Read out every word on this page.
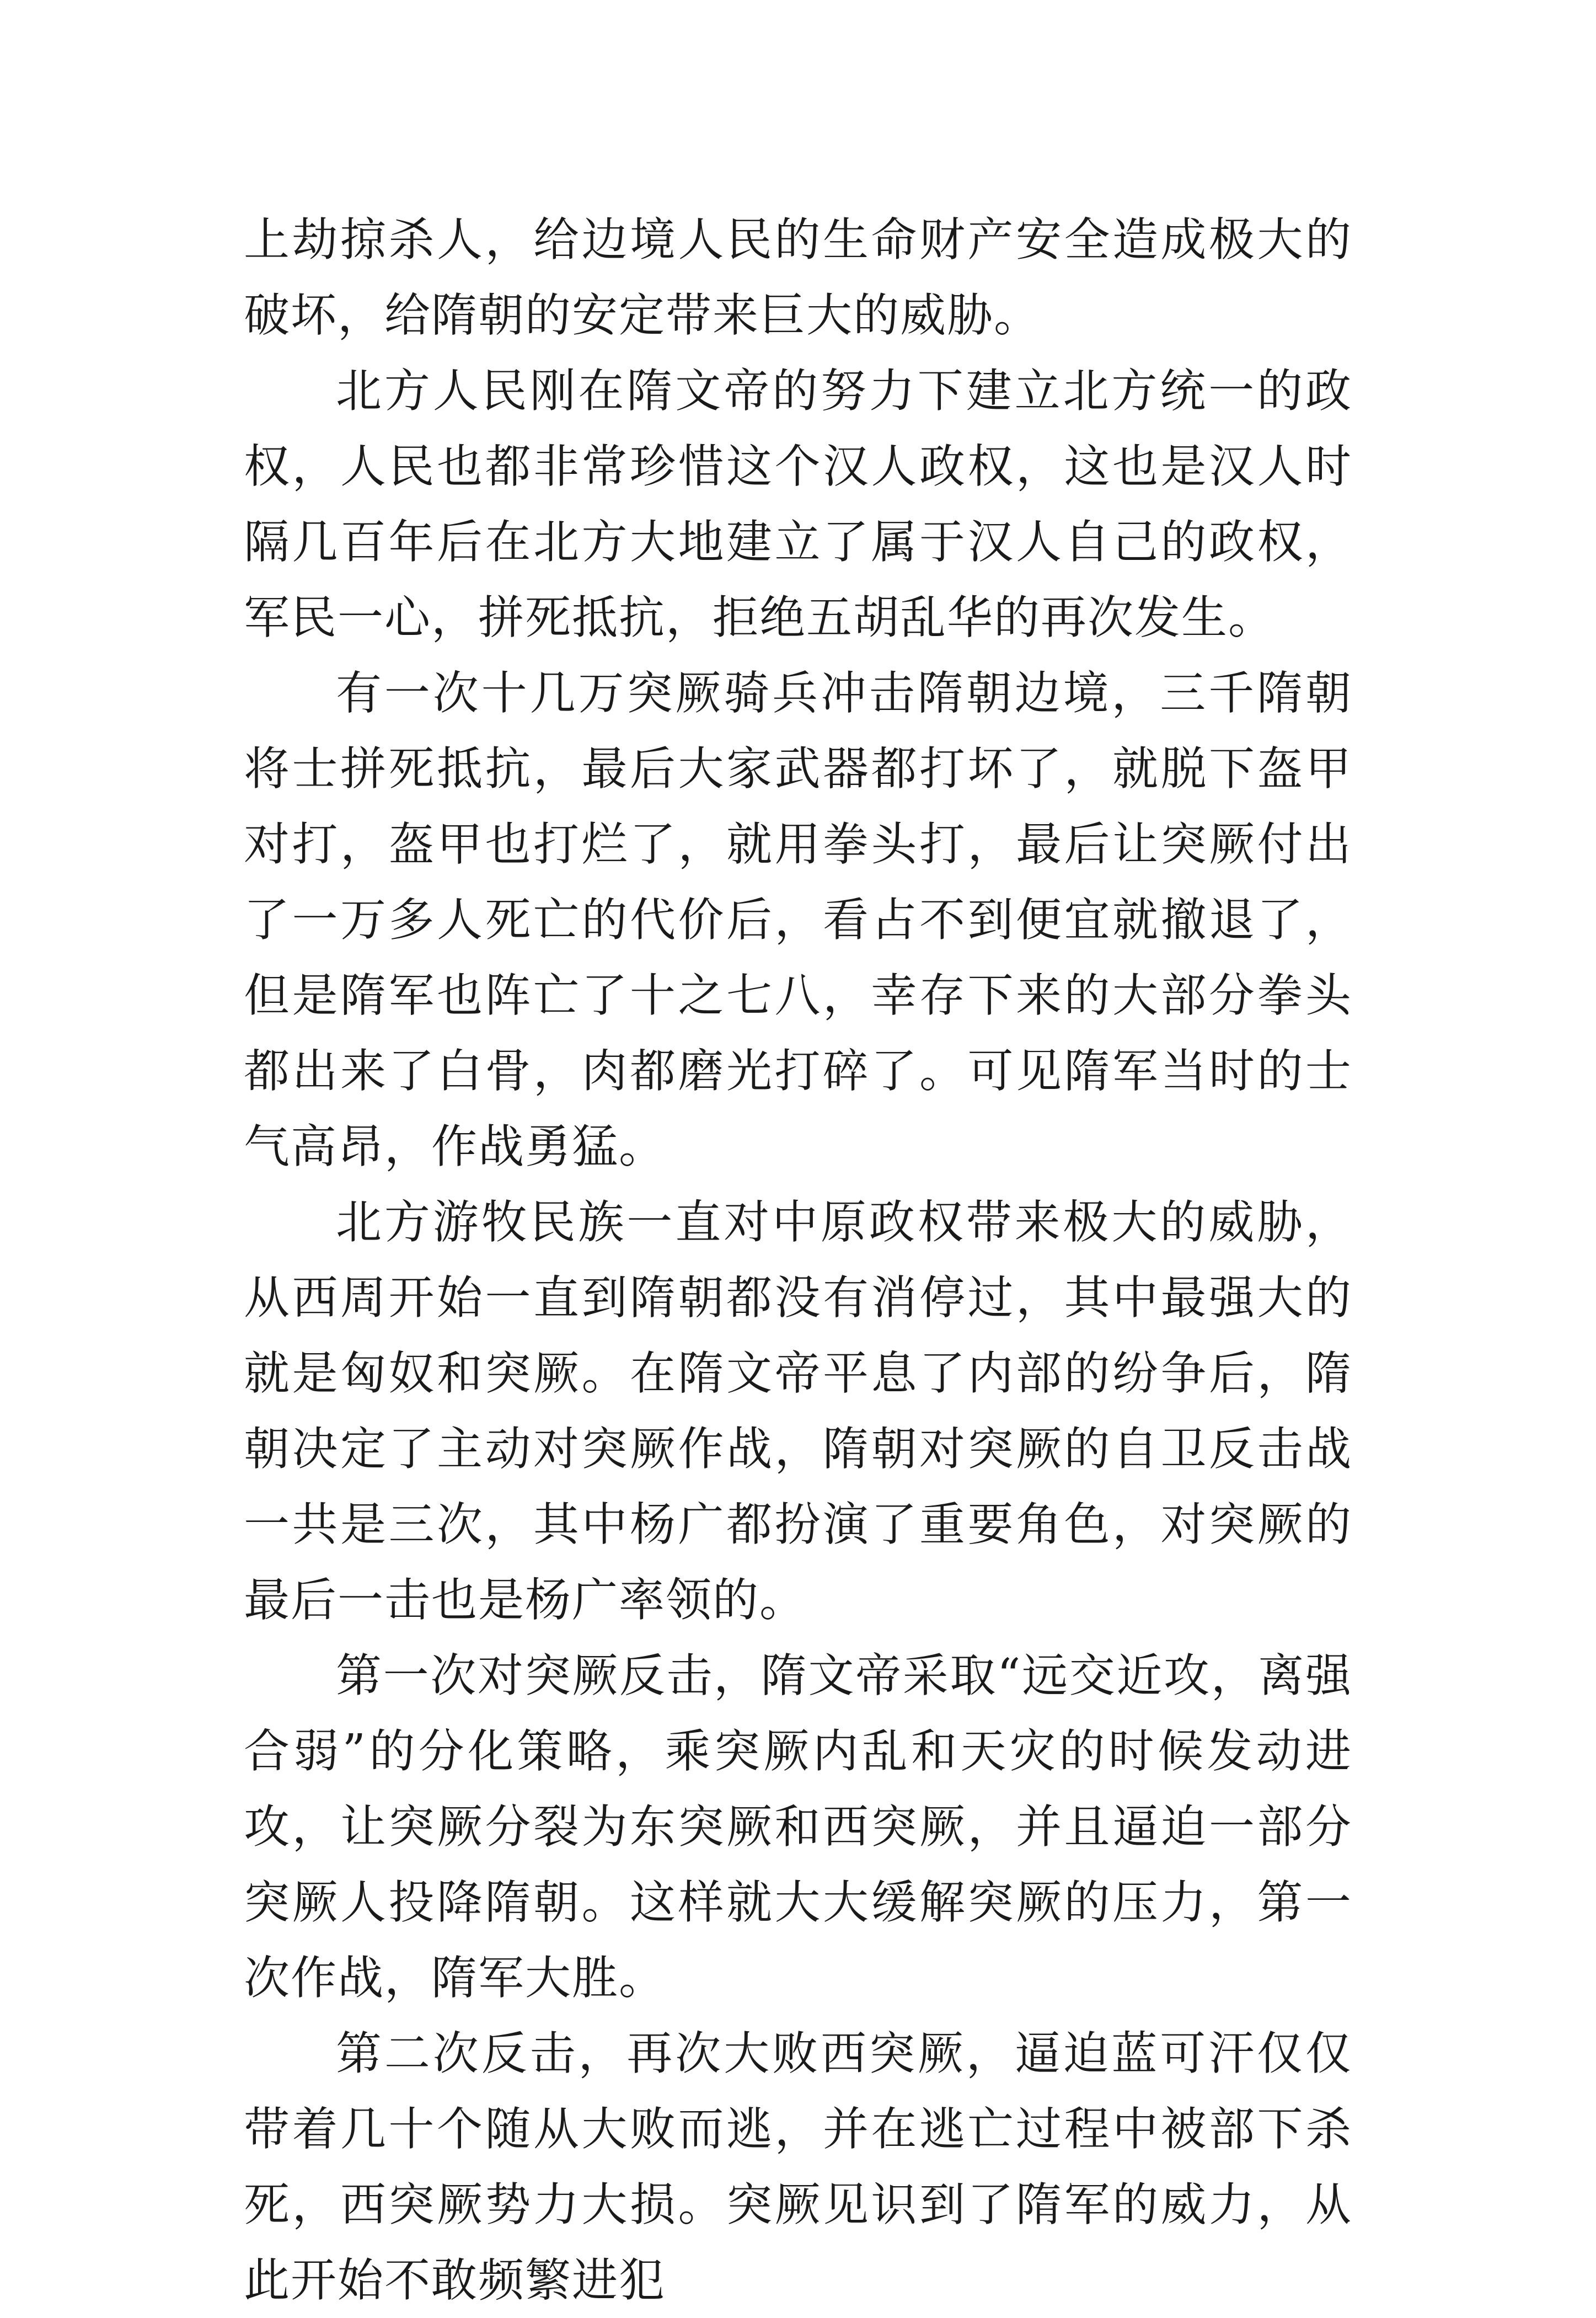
上劫掠杀人，给边境人民的生命财产安全造成极大的破坏，给隋朝的安定带来巨大的威胁。

北方人民刚在隋文帝的努力下建立北方统一的政权，人民也都非常珍惜这个汉人政权，这也是汉人时隔几百年后在北方大地建立了属于汉人自己的政权，军民一心，拼死抵抗，拒绝五胡乱华的再次发生。

有一次十几万突厥骑兵冲击隋朝边境，三千隋朝将士拼死抵抗，最后大家武器都打坏了，就脱下盔甲对打，盔甲也打烂了，就用拳头打，最后让突厥付出了一万多人死亡的代价后，看占不到便宜就撤退了，但是隋军也阵亡了十之七八，幸存下来的大部分拳头都出来了白骨，肉都磨光打碎了。可见隋军当时的士气高昂，作战勇猛。

北方游牧民族一直对中原政权带来极大的威胁，从西周开始一直到隋朝都没有消停过，其中最强大的就是匈奴和突厥。在隋文帝平息了内部的纷争后，隋朝决定了主动对突厥作战，隋朝对突厥的自卫反击战一共是三次，其中杨广都扮演了重要角色，对突厥的最后一击也是杨广率领的。

第一次对突厥反击，隋文帝采取“远交近攻，离强合弱”的分化策略，乘突厥内乱和天灾的时候发动进攻，让突厥分裂为东突厥和西突厥，并且逼迫一部分突厥人投降隋朝。这样就大大缓解突厥的压力，第一次作战，隋军大胜。

第二次反击，再次大败西突厥，逼迫蓝可汗仅仅带着几十个随从大败而逃，并在逃亡过程中被部下杀死，西突厥势力大损。突厥见识到了隋军的威力，从此开始不敢频繁进犯
